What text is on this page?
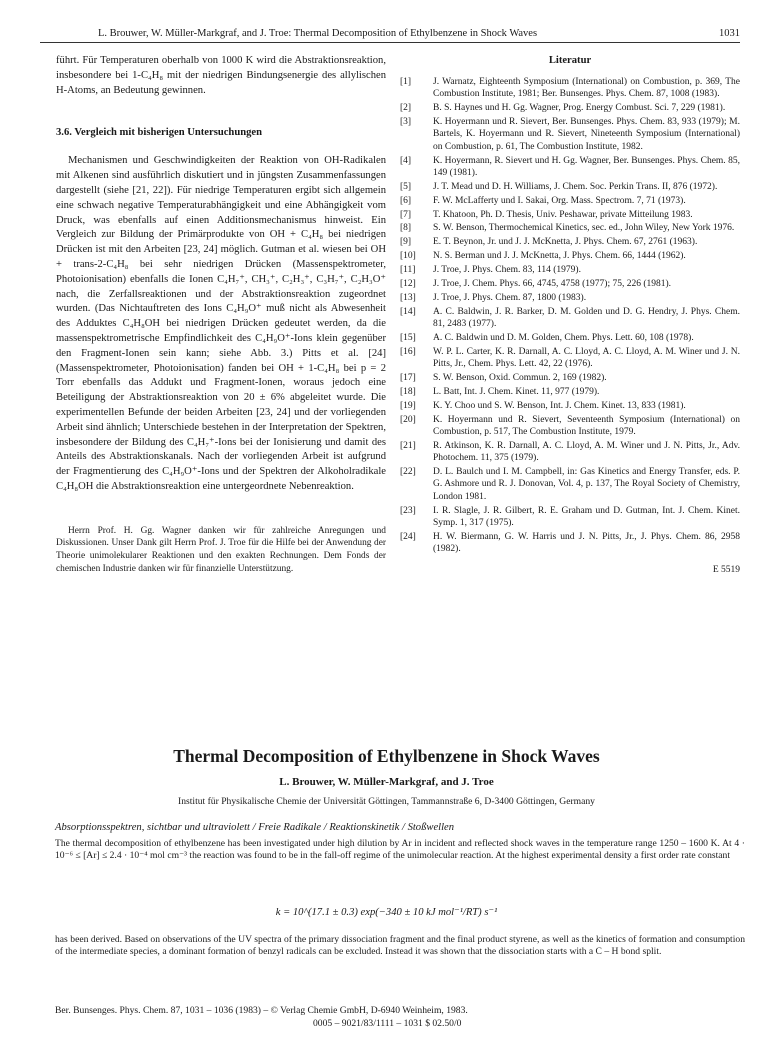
L. Brouwer, W. Müller-Markgraf, and J. Troe: Thermal Decomposition of Ethylbenzene in Shock Waves	1031

führt. Für Temperaturen oberhalb von 1000 K wird die Abstraktionsreaktion, insbesondere bei 1-C₄H₈ mit der niedrigen Bindungsenergie des allylischen H-Atoms, an Bedeutung gewinnen.

3.6. Vergleich mit bisherigen Untersuchungen

Mechanismen und Geschwindigkeiten der Reaktion von OH-Radikalen mit Alkenen sind ausführlich diskutiert und in jüngsten Zusammenfassungen dargestellt (siehe [21, 22]). Für niedrige Temperaturen ergibt sich allgemein eine schwach negative Temperaturabhängigkeit und eine Abhängigkeit vom Druck, was ebenfalls auf einen Additionsmechanismus hinweist. Ein Vergleich zur Bildung der Primärprodukte von OH + C₄H₈ bei niedrigen Drücken ist mit den Arbeiten [23, 24] möglich. Gutman et al. wiesen bei OH + trans-2-C₄H₈ bei sehr niedrigen Drücken (Massenspektrometer, Photoionisation) ebenfalls die Ionen C₄H₇⁺, CH₃⁺, C₂H₃⁺, C₃H₇⁺, C₂H₃O⁺ nach, die Zerfallsreaktionen und der Abstraktionsreaktion zugeordnet wurden. (Das Nichtauftreten des Ions C₄H₉O⁺ muß nicht als Abwesenheit des Adduktes C₄H₈OH bei niedrigen Drücken gedeutet werden, da die massenspektrometrische Empfindlichkeit des C₄H₉O⁺-Ions klein gegenüber den Fragment-Ionen sein kann; siehe Abb. 3.) Pitts et al. [24] (Massenspektrometer, Photoionisation) fanden bei OH + 1-C₄H₈ bei p = 2 Torr ebenfalls das Addukt und Fragment-Ionen, woraus jedoch eine Beteiligung der Abstraktionsreaktion von 20 ± 6% abgeleitet wurde. Die experimentellen Befunde der beiden Arbeiten [23, 24] und der vorliegenden Arbeit sind ähnlich; Unterschiede bestehen in der Interpretation der Spektren, insbesondere der Bildung des C₄H₇⁺-Ions bei der Ionisierung und damit des Anteils des Abstraktionskanals. Nach der vorliegenden Arbeit ist aufgrund der Fragmentierung des C₄H₉O⁺-Ions und der Spektren der Alkoholradikale C₄H₈OH die Abstraktionsreaktion eine untergeordnete Nebenreaktion.

Herrn Prof. H. Gg. Wagner danken wir für zahlreiche Anregungen und Diskussionen. Unser Dank gilt Herrn Prof. J. Troe für die Hilfe bei der Anwendung der Theorie unimolekularer Reaktionen und den exakten Rechnungen. Dem Fonds der chemischen Industrie danken wir für finanzielle Unterstützung.

Literatur
[1]	J. Warnatz, Eighteenth Symposium (International) on Combustion, p. 369, The Combustion Institute, 1981; Ber. Bunsenges. Phys. Chem. 87, 1008 (1983).
[2]	B. S. Haynes und H. Gg. Wagner, Prog. Energy Combust. Sci. 7, 229 (1981).
[3]	K. Hoyermann und R. Sievert, Ber. Bunsenges. Phys. Chem. 83, 933 (1979); M. Bartels, K. Hoyermann und R. Sievert, Nineteenth Symposium (International) on Combustion, p. 61, The Combustion Institute, 1982.
[4]	K. Hoyermann, R. Sievert und H. Gg. Wagner, Ber. Bunsenges. Phys. Chem. 85, 149 (1981).
[5]	J. T. Mead und D. H. Williams, J. Chem. Soc. Perkin Trans. II, 876 (1972).
[6]	F. W. McLafferty und I. Sakai, Org. Mass. Spectrom. 7, 71 (1973).
[7]	T. Khatoon, Ph. D. Thesis, Univ. Peshawar, private Mitteilung 1983.
[8]	S. W. Benson, Thermochemical Kinetics, sec. ed., John Wiley, New York 1976.
[9]	E. T. Beynon, Jr. und J. J. McKnetta, J. Phys. Chem. 67, 2761 (1963).
[10]	N. S. Berman und J. J. McKnetta, J. Phys. Chem. 66, 1444 (1962).
[11]	J. Troe, J. Phys. Chem. 83, 114 (1979).
[12]	J. Troe, J. Chem. Phys. 66, 4745, 4758 (1977); 75, 226 (1981).
[13]	J. Troe, J. Phys. Chem. 87, 1800 (1983).
[14]	A. C. Baldwin, J. R. Barker, D. M. Golden und D. G. Hendry, J. Phys. Chem. 81, 2483 (1977).
[15]	A. C. Baldwin und D. M. Golden, Chem. Phys. Lett. 60, 108 (1978).
[16]	W. P. L. Carter, K. R. Darnall, A. C. Lloyd, A. C. Lloyd, A. M. Winer und J. N. Pitts, Jr., Chem. Phys. Lett. 42, 22 (1976).
[17]	S. W. Benson, Oxid. Commun. 2, 169 (1982).
[18]	L. Batt, Int. J. Chem. Kinet. 11, 977 (1979).
[19]	K. Y. Choo und S. W. Benson, Int. J. Chem. Kinet. 13, 833 (1981).
[20]	K. Hoyermann und R. Sievert, Seventeenth Symposium (International) on Combustion, p. 517, The Combustion Institute, 1979.
[21]	R. Atkinson, K. R. Darnall, A. C. Lloyd, A. M. Winer und J. N. Pitts, Jr., Adv. Photochem. 11, 375 (1979).
[22]	D. L. Baulch und I. M. Campbell, in: Gas Kinetics and Energy Transfer, eds. P. G. Ashmore und R. J. Donovan, Vol. 4, p. 137, The Royal Society of Chemistry, London 1981.
[23]	I. R. Slagle, J. R. Gilbert, R. E. Graham und D. Gutman, Int. J. Chem. Kinet. Symp. 1, 317 (1975).
[24]	H. W. Biermann, G. W. Harris und J. N. Pitts, Jr., J. Phys. Chem. 86, 2958 (1982).
E 5519
Thermal Decomposition of Ethylbenzene in Shock Waves
L. Brouwer, W. Müller-Markgraf, and J. Troe
Institut für Physikalische Chemie der Universität Göttingen, Tammannstraße 6, D-3400 Göttingen, Germany
Absorptionsspektren, sichtbar und ultraviolett / Freie Radikale / Reaktionskinetik / Stoßwellen

The thermal decomposition of ethylbenzene has been investigated under high dilution by Ar in incident and reflected shock waves in the temperature range 1250 – 1600 K. At 4 · 10⁻⁶ ≤ [Ar] ≤ 2.4 · 10⁻⁴ mol cm⁻³ the reaction was found to be in the fall-off regime of the unimolecular reaction. At the highest experimental density a first order rate constant

k = 10^(17.1 ± 0.3) exp(−340 ± 10 kJ mol⁻¹/RT) s⁻¹

has been derived. Based on observations of the UV spectra of the primary dissociation fragment and the final product styrene, as well as the kinetics of formation and consumption of the intermediate species, a dominant formation of benzyl radicals can be excluded. Instead it was shown that the dissociation starts with a C – H bond split.

Ber. Bunsenges. Phys. Chem. 87, 1031 – 1036 (1983) – © Verlag Chemie GmbH, D-6940 Weinheim, 1983.
0005 – 9021/83/1111 – 1031 $ 02.50/0
